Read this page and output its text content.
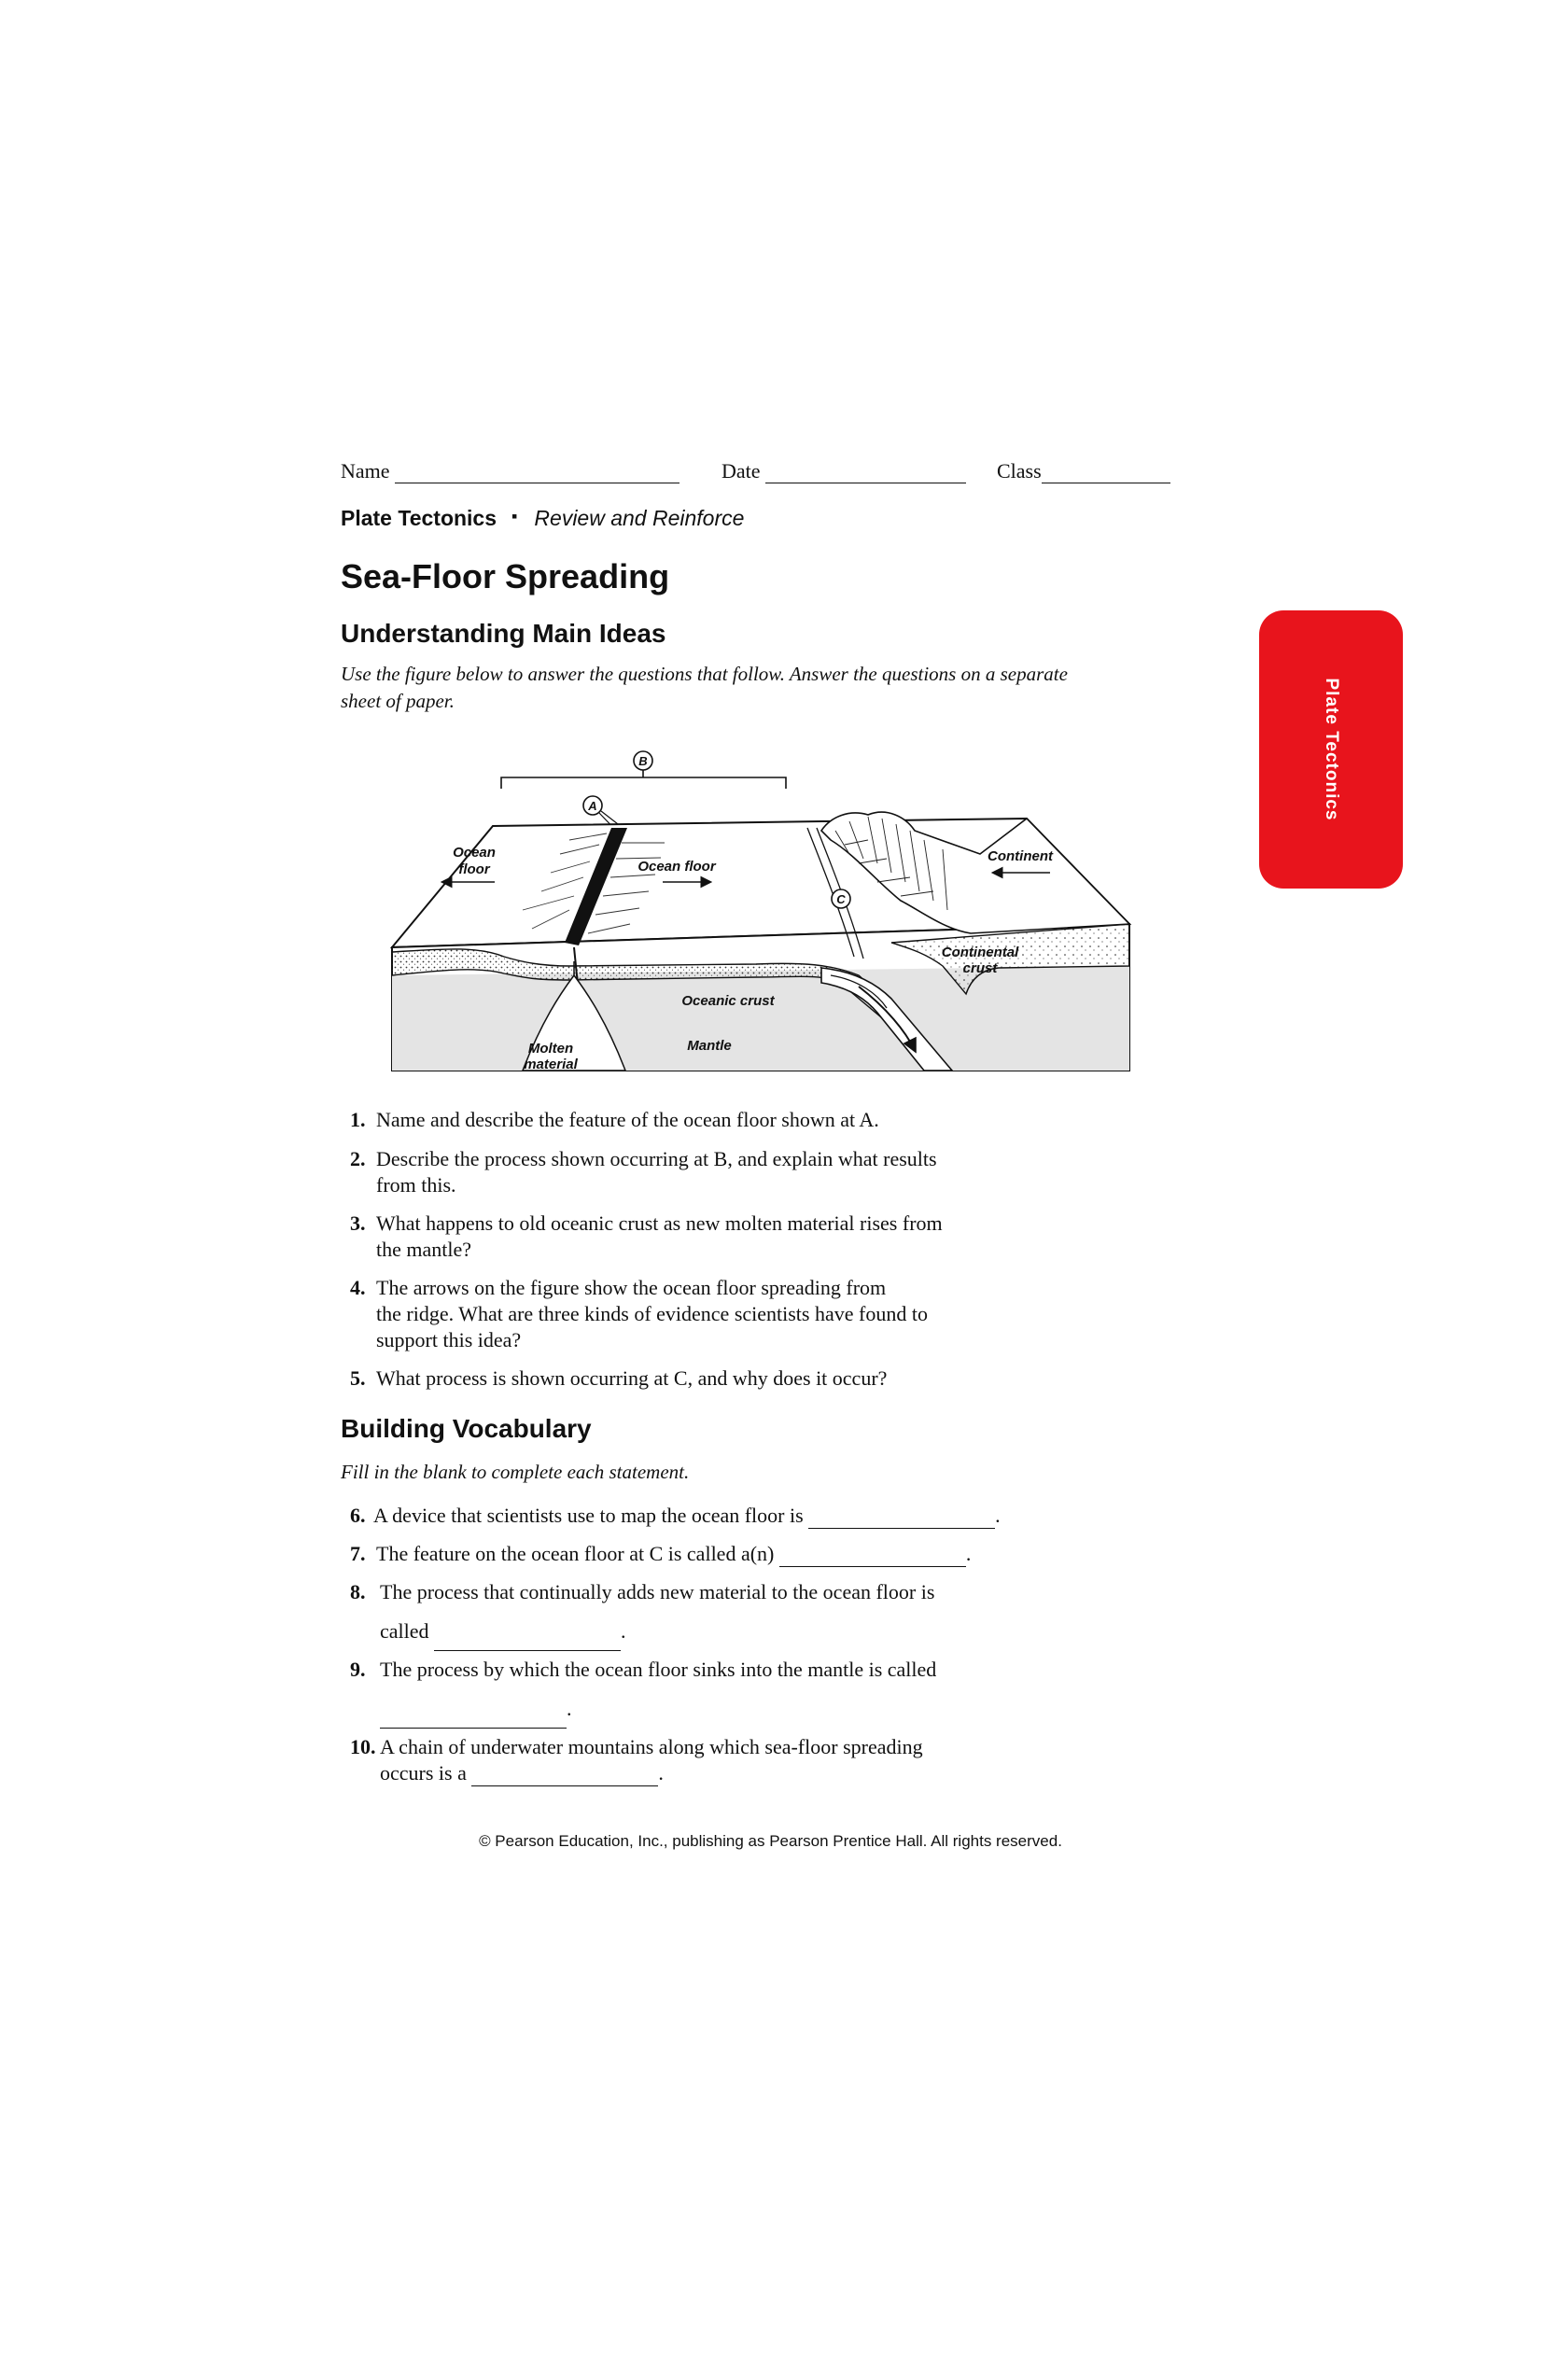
Name	Date	Class
Plate Tectonics ▪ Review and Reinforce
Sea-Floor Spreading
Plate Tectonics
Understanding Main Ideas
Use the figure below to answer the questions that follow. Answer the questions on a separate sheet of paper.
B
A
C
Ocean
floor	Ocean floor
Continent
Continental
crust
Oceanic crust
Mantle
Molten
material
1. Name and describe the feature of the ocean floor shown at A.
2. Describe the process shown occurring at B, and explain what results
from this.
3. What happens to old oceanic crust as new molten material rises from
the mantle?
4. The arrows on the figure show the ocean floor spreading from
the ridge. What are three kinds of evidence scientists have found to
support this idea?
5. What process is shown occurring at C, and why does it occur?
Building Vocabulary
Fill in the blank to complete each statement.
6. A device that scientists use to map the ocean floor is	.
7. The feature on the ocean floor at C is called a(n)	.
8. The process that continually adds new material to the ocean floor is
called	.
9. The process by which the ocean floor sinks into the mantle is called
.
10. A chain of underwater mountains along which sea-floor spreading
occurs is a	.
© Pearson Education, Inc., publishing as Pearson Prentice Hall. All rights reserved.
